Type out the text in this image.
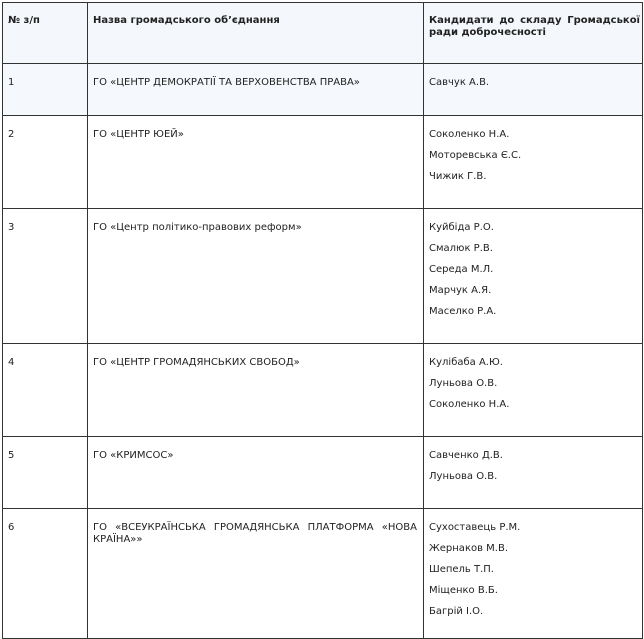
№ з/п	Назва громадського об’єднання	Кандидати до складу Громадської ради доброчесності

1	ГО «ЦЕНТР ДЕМОКРАТІЇ ТА ВЕРХОВЕНСТВА ПРАВА»	Савчук А.В.

2	ГО «ЦЕНТР ЮЕЙ»	Соколенко Н.А.
Моторевська Є.С.
Чижик Г.В.

3	ГО «Центр політико-правових реформ»	Куйбіда Р.О.
Смалюк Р.В.
Середа М.Л.
Марчук А.Я.
Маселко Р.А.

4	ГО «ЦЕНТР ГРОМАДЯНСЬКИХ СВОБОД»	Кулібаба А.Ю.
Луньова О.В.
Соколенко Н.А.

5	ГО «КРИМСОС»	Савченко Д.В.
Луньова О.В.

6	ГО «ВСЕУКРАЇНСЬКА ГРОМАДЯНСЬКА ПЛАТФОРМА «НОВА КРАЇНА»»	Сухоставець Р.М.
Жернаков М.В.
Шепель Т.П.
Міщенко В.Б.
Багрій І.О.
